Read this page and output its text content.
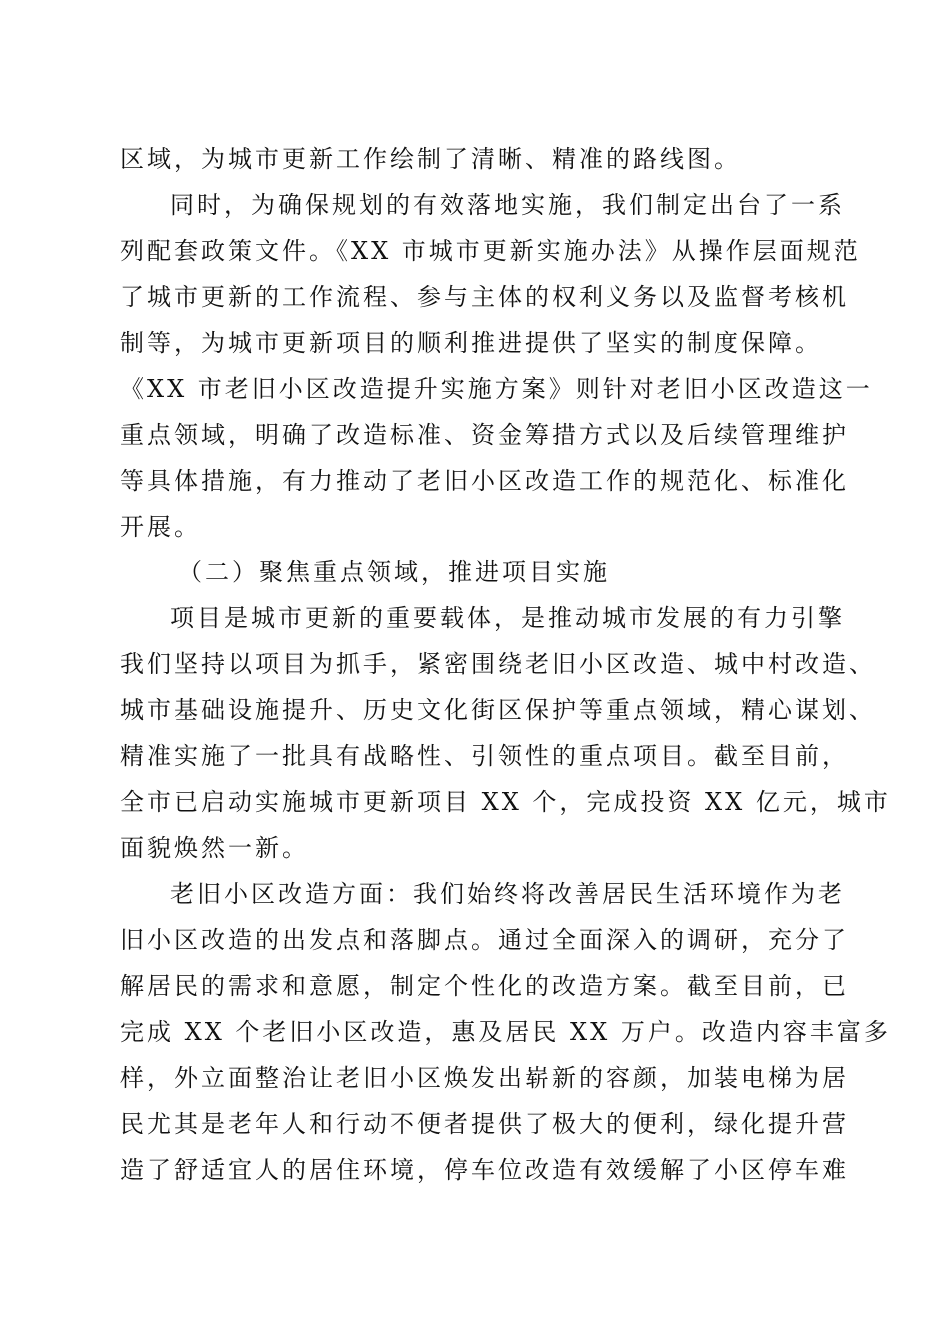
区域，为城市更新工作绘制了清晰、精准的路线图。
同时，为确保规划的有效落地实施，我们制定出台了一系
列配套政策文件。《XX 市城市更新实施办法》从操作层面规范
了城市更新的工作流程、参与主体的权利义务以及监督考核机
制等，为城市更新项目的顺利推进提供了坚实的制度保障。
《XX 市老旧小区改造提升实施方案》则针对老旧小区改造这一
重点领域，明确了改造标准、资金筹措方式以及后续管理维护
等具体措施，有力推动了老旧小区改造工作的规范化、标准化
开展。
（二）聚焦重点领域，推进项目实施
项目是城市更新的重要载体，是推动城市发展的有力引擎
我们坚持以项目为抓手，紧密围绕老旧小区改造、城中村改造、
城市基础设施提升、历史文化街区保护等重点领域，精心谋划、
精准实施了一批具有战略性、引领性的重点项目。截至目前，
全市已启动实施城市更新项目 XX 个，完成投资 XX 亿元，城市
面貌焕然一新。
老旧小区改造方面：我们始终将改善居民生活环境作为老
旧小区改造的出发点和落脚点。通过全面深入的调研，充分了
解居民的需求和意愿，制定个性化的改造方案。截至目前，已
完成 XX 个老旧小区改造，惠及居民 XX 万户。改造内容丰富多
样，外立面整治让老旧小区焕发出崭新的容颜，加装电梯为居
民尤其是老年人和行动不便者提供了极大的便利，绿化提升营
造了舒适宜人的居住环境，停车位改造有效缓解了小区停车难
